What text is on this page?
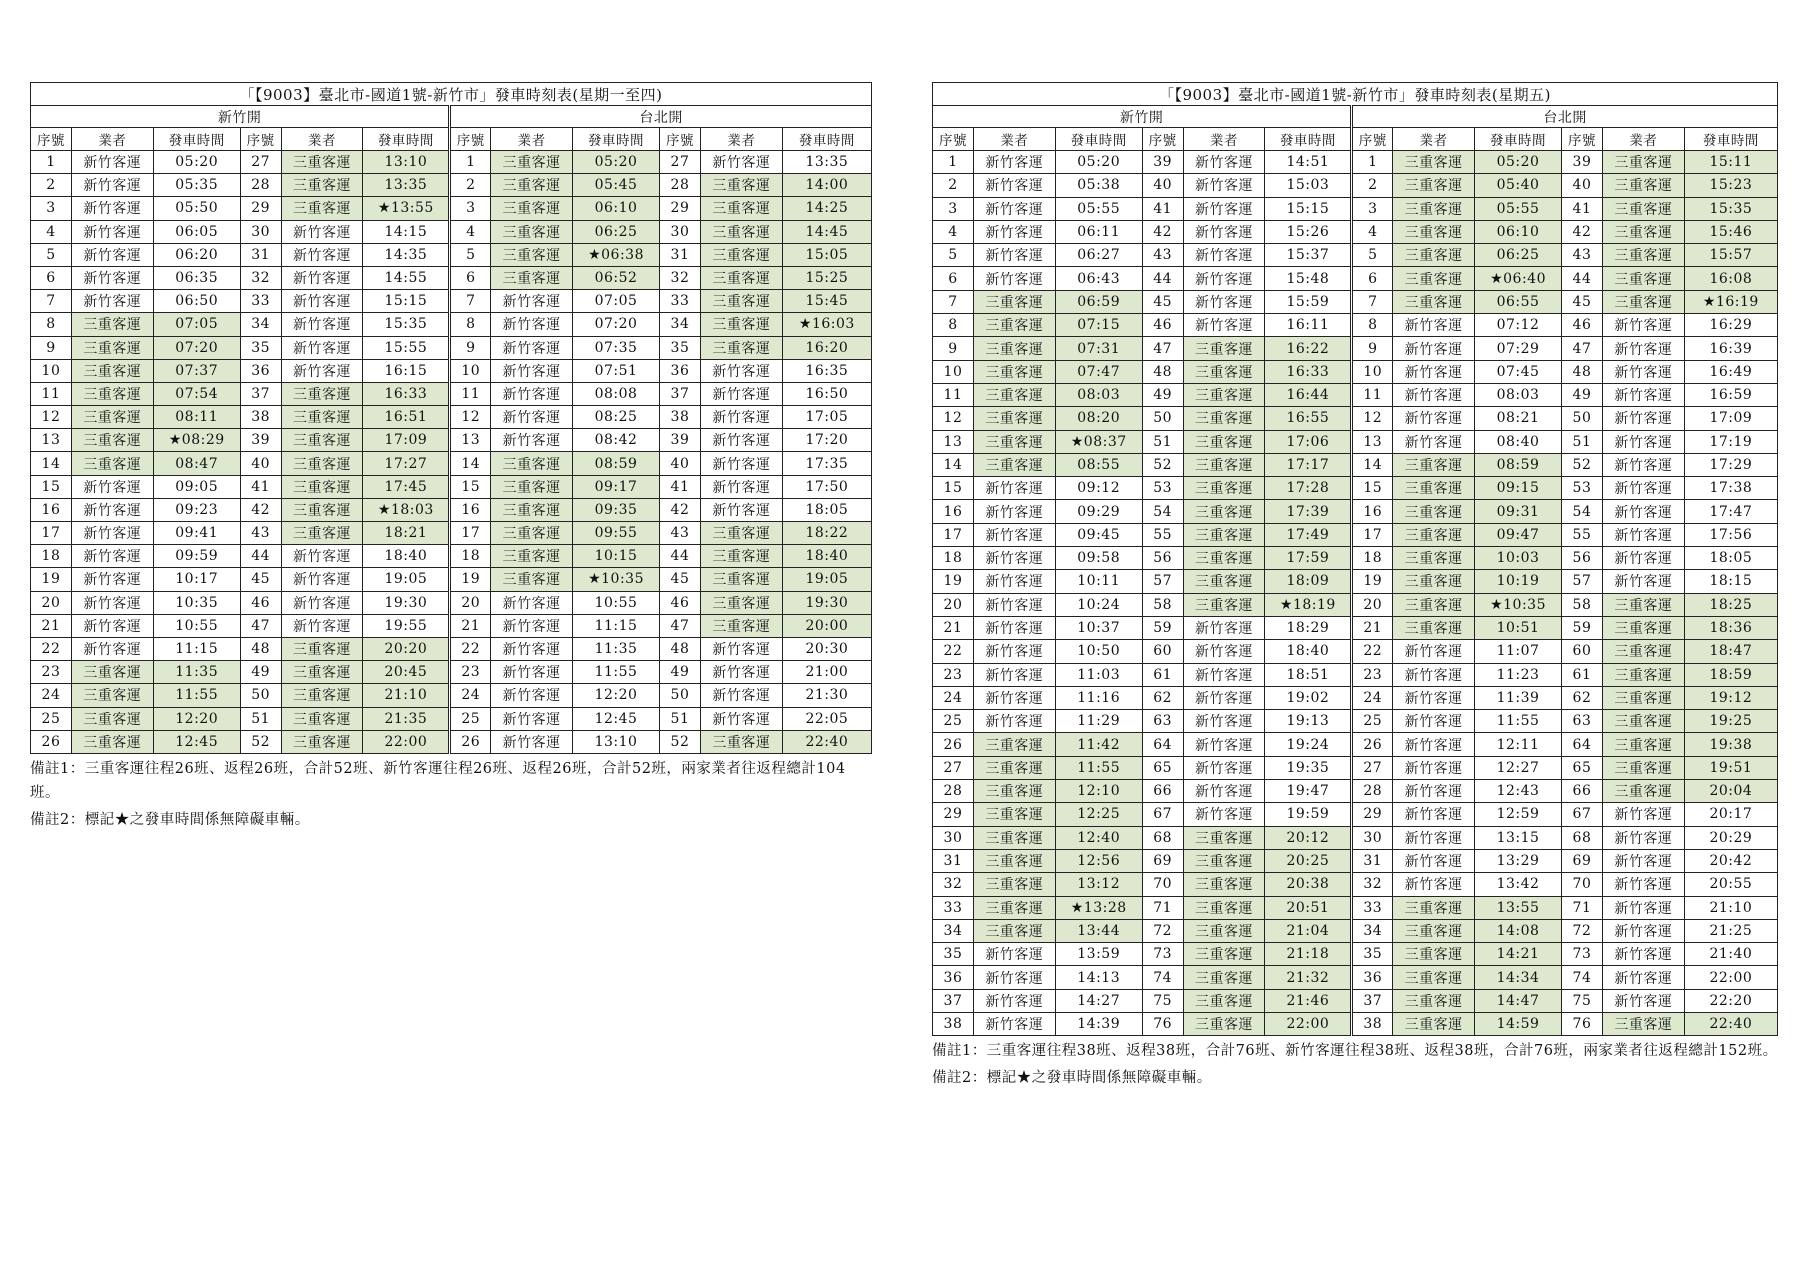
「【9003】臺北市-國道1號-新竹市」發車時刻表(星期一至四)											
新竹開						台北開					
序號	業者	發車時間	序號	業者	發車時間	序號	業者	發車時間	序號	業者	發車時間
1	新竹客運	05:20	27	三重客運	13:10	1	三重客運	05:20	27	新竹客運	13:35
2	新竹客運	05:35	28	三重客運	13:35	2	三重客運	05:45	28	三重客運	14:00
3	新竹客運	05:50	29	三重客運	★13:55	3	三重客運	06:10	29	三重客運	14:25
4	新竹客運	06:05	30	新竹客運	14:15	4	三重客運	06:25	30	三重客運	14:45
5	新竹客運	06:20	31	新竹客運	14:35	5	三重客運	★06:38	31	三重客運	15:05
6	新竹客運	06:35	32	新竹客運	14:55	6	三重客運	06:52	32	三重客運	15:25
7	新竹客運	06:50	33	新竹客運	15:15	7	新竹客運	07:05	33	三重客運	15:45
8	三重客運	07:05	34	新竹客運	15:35	8	新竹客運	07:20	34	三重客運	★16:03
9	三重客運	07:20	35	新竹客運	15:55	9	新竹客運	07:35	35	三重客運	16:20
10	三重客運	07:37	36	新竹客運	16:15	10	新竹客運	07:51	36	新竹客運	16:35
11	三重客運	07:54	37	三重客運	16:33	11	新竹客運	08:08	37	新竹客運	16:50
12	三重客運	08:11	38	三重客運	16:51	12	新竹客運	08:25	38	新竹客運	17:05
13	三重客運	★08:29	39	三重客運	17:09	13	新竹客運	08:42	39	新竹客運	17:20
14	三重客運	08:47	40	三重客運	17:27	14	三重客運	08:59	40	新竹客運	17:35
15	新竹客運	09:05	41	三重客運	17:45	15	三重客運	09:17	41	新竹客運	17:50
16	新竹客運	09:23	42	三重客運	★18:03	16	三重客運	09:35	42	新竹客運	18:05
17	新竹客運	09:41	43	三重客運	18:21	17	三重客運	09:55	43	三重客運	18:22
18	新竹客運	09:59	44	新竹客運	18:40	18	三重客運	10:15	44	三重客運	18:40
19	新竹客運	10:17	45	新竹客運	19:05	19	三重客運	★10:35	45	三重客運	19:05
20	新竹客運	10:35	46	新竹客運	19:30	20	新竹客運	10:55	46	三重客運	19:30
21	新竹客運	10:55	47	新竹客運	19:55	21	新竹客運	11:15	47	三重客運	20:00
22	新竹客運	11:15	48	三重客運	20:20	22	新竹客運	11:35	48	新竹客運	20:30
23	三重客運	11:35	49	三重客運	20:45	23	新竹客運	11:55	49	新竹客運	21:00
24	三重客運	11:55	50	三重客運	21:10	24	新竹客運	12:20	50	新竹客運	21:30
25	三重客運	12:20	51	三重客運	21:35	25	新竹客運	12:45	51	新竹客運	22:05
26	三重客運	12:45	52	三重客運	22:00	26	新竹客運	13:10	52	三重客運	22:40

備註1：三重客運往程26班、返程26班，合計52班、新竹客運往程26班、返程26班，合計52班，兩家業者往返程總計104班。

備註2：標記★之發車時間係無障礙車輛。

「【9003】臺北市-國道1號-新竹市」發車時刻表(星期五)											
新竹開						台北開					
序號	業者	發車時間	序號	業者	發車時間	序號	業者	發車時間	序號	業者	發車時間
1	新竹客運	05:20	39	新竹客運	14:51	1	三重客運	05:20	39	三重客運	15:11
2	新竹客運	05:38	40	新竹客運	15:03	2	三重客運	05:40	40	三重客運	15:23
3	新竹客運	05:55	41	新竹客運	15:15	3	三重客運	05:55	41	三重客運	15:35
4	新竹客運	06:11	42	新竹客運	15:26	4	三重客運	06:10	42	三重客運	15:46
5	新竹客運	06:27	43	新竹客運	15:37	5	三重客運	06:25	43	三重客運	15:57
6	新竹客運	06:43	44	新竹客運	15:48	6	三重客運	★06:40	44	三重客運	16:08
7	三重客運	06:59	45	新竹客運	15:59	7	三重客運	06:55	45	三重客運	★16:19
8	三重客運	07:15	46	新竹客運	16:11	8	新竹客運	07:12	46	新竹客運	16:29
9	三重客運	07:31	47	三重客運	16:22	9	新竹客運	07:29	47	新竹客運	16:39
10	三重客運	07:47	48	三重客運	16:33	10	新竹客運	07:45	48	新竹客運	16:49
11	三重客運	08:03	49	三重客運	16:44	11	新竹客運	08:03	49	新竹客運	16:59
12	三重客運	08:20	50	三重客運	16:55	12	新竹客運	08:21	50	新竹客運	17:09
13	三重客運	★08:37	51	三重客運	17:06	13	新竹客運	08:40	51	新竹客運	17:19
14	三重客運	08:55	52	三重客運	17:17	14	三重客運	08:59	52	新竹客運	17:29
15	新竹客運	09:12	53	三重客運	17:28	15	三重客運	09:15	53	新竹客運	17:38
16	新竹客運	09:29	54	三重客運	17:39	16	三重客運	09:31	54	新竹客運	17:47
17	新竹客運	09:45	55	三重客運	17:49	17	三重客運	09:47	55	新竹客運	17:56
18	新竹客運	09:58	56	三重客運	17:59	18	三重客運	10:03	56	新竹客運	18:05
19	新竹客運	10:11	57	三重客運	18:09	19	三重客運	10:19	57	新竹客運	18:15
20	新竹客運	10:24	58	三重客運	★18:19	20	三重客運	★10:35	58	三重客運	18:25
21	新竹客運	10:37	59	新竹客運	18:29	21	三重客運	10:51	59	三重客運	18:36
22	新竹客運	10:50	60	新竹客運	18:40	22	新竹客運	11:07	60	三重客運	18:47
23	新竹客運	11:03	61	新竹客運	18:51	23	新竹客運	11:23	61	三重客運	18:59
24	新竹客運	11:16	62	新竹客運	19:02	24	新竹客運	11:39	62	三重客運	19:12
25	新竹客運	11:29	63	新竹客運	19:13	25	新竹客運	11:55	63	三重客運	19:25
26	三重客運	11:42	64	新竹客運	19:24	26	新竹客運	12:11	64	三重客運	19:38
27	三重客運	11:55	65	新竹客運	19:35	27	新竹客運	12:27	65	三重客運	19:51
28	三重客運	12:10	66	新竹客運	19:47	28	新竹客運	12:43	66	三重客運	20:04
29	三重客運	12:25	67	新竹客運	19:59	29	新竹客運	12:59	67	新竹客運	20:17
30	三重客運	12:40	68	三重客運	20:12	30	新竹客運	13:15	68	新竹客運	20:29
31	三重客運	12:56	69	三重客運	20:25	31	新竹客運	13:29	69	新竹客運	20:42
32	三重客運	13:12	70	三重客運	20:38	32	新竹客運	13:42	70	新竹客運	20:55
33	三重客運	★13:28	71	三重客運	20:51	33	三重客運	13:55	71	新竹客運	21:10
34	三重客運	13:44	72	三重客運	21:04	34	三重客運	14:08	72	新竹客運	21:25
35	新竹客運	13:59	73	三重客運	21:18	35	三重客運	14:21	73	新竹客運	21:40
36	新竹客運	14:13	74	三重客運	21:32	36	三重客運	14:34	74	新竹客運	22:00
37	新竹客運	14:27	75	三重客運	21:46	37	三重客運	14:47	75	新竹客運	22:20
38	新竹客運	14:39	76	三重客運	22:00	38	三重客運	14:59	76	三重客運	22:40

備註1：三重客運往程38班、返程38班，合計76班、新竹客運往程38班、返程38班，合計76班，兩家業者往返程總計152班。

備註2：標記★之發車時間係無障礙車輛。
